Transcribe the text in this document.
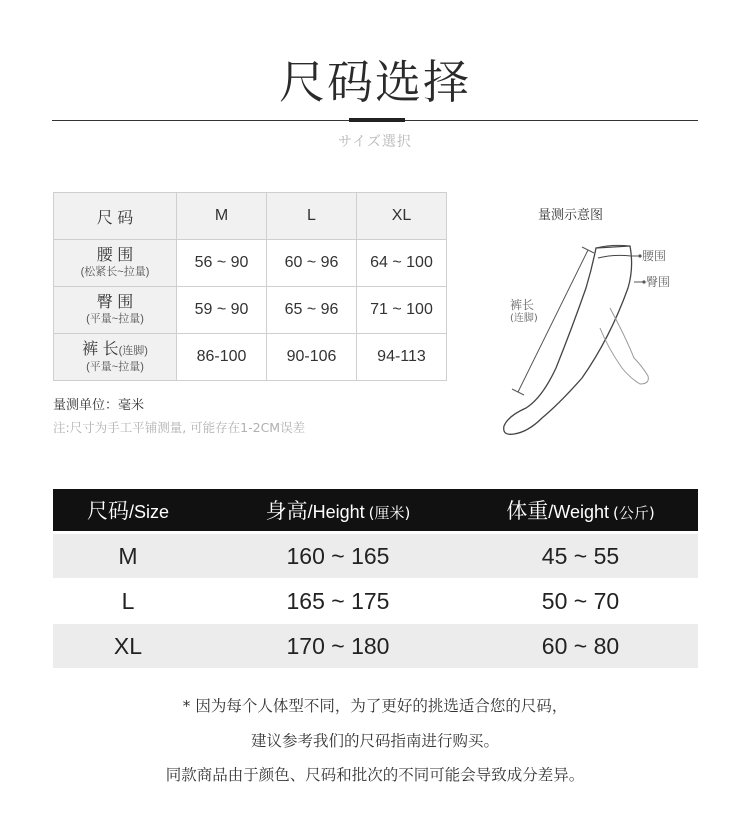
尺码选择
サイズ選択
尺 码	M	L	XL

腰 围
(松紧长~拉量)	56 ~ 90	60 ~ 96	64 ~ 100

臀 围
(平量~拉量)	59 ~ 90	65 ~ 96	71 ~ 100

裤 长(连脚)
(平量~拉量)	86-100	90-106	94-113
量测单位：毫米
注:尺寸为手工平铺测量, 可能存在1-2CM误差
量测示意图
腰围
臀围
裤长
(连脚)
尺码 /Size	身高 /Height (厘米)	体重 /Weight (公斤)
M	160 ~ 165	45 ~ 55
L	165 ~ 175	50 ~ 70
XL	170 ~ 180	60 ~ 80
* 因为每个人体型不同，为了更好的挑选适合您的尺码，
建议参考我们的尺码指南进行购买。
同款商品由于颜色、尺码和批次的不同可能会导致成分差异。
